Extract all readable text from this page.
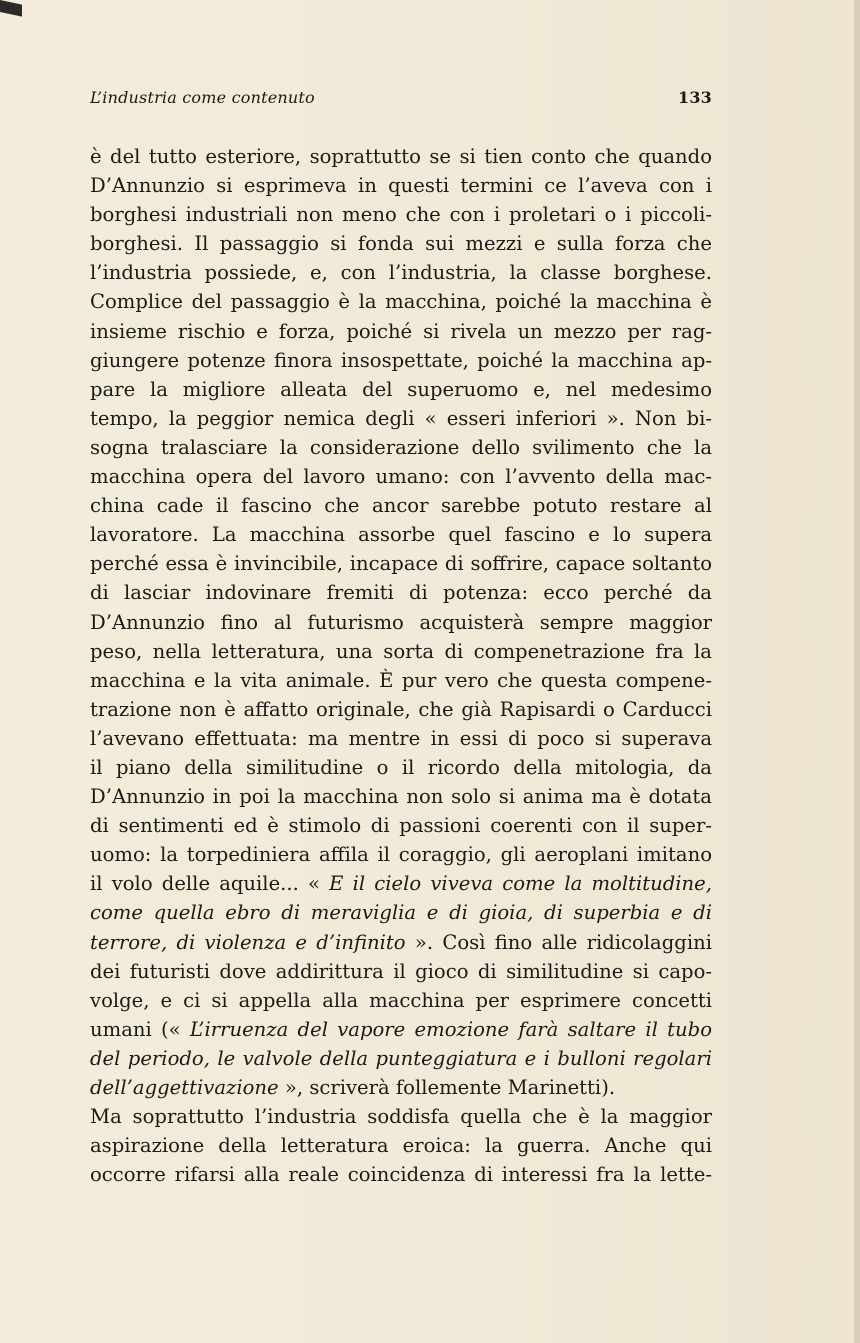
L’industria come contenuto	133
è del tutto esteriore, soprattutto se si tien conto che quando
D’Annunzio si esprimeva in questi termini ce l’aveva con i
borghesi industriali non meno che con i proletari o i piccoli-
borghesi. Il passaggio si fonda sui mezzi e sulla forza che
l’industria possiede, e, con l’industria, la classe borghese.
Complice del passaggio è la macchina, poiché la macchina è
insieme rischio e forza, poiché si rivela un mezzo per rag-
giungere potenze finora insospettate, poiché la macchina ap-
pare la migliore alleata del superuomo e, nel medesimo
tempo, la peggior nemica degli « esseri inferiori ». Non bi-
sogna tralasciare la considerazione dello svilimento che la
macchina opera del lavoro umano: con l’avvento della mac-
china cade il fascino che ancor sarebbe potuto restare al
lavoratore. La macchina assorbe quel fascino e lo supera
perché essa è invincibile, incapace di soffrire, capace soltanto
di lasciar indovinare fremiti di potenza: ecco perché da
D’Annunzio fino al futurismo acquisterà sempre maggior
peso, nella letteratura, una sorta di compenetrazione fra la
macchina e la vita animale. È pur vero che questa compene-
trazione non è affatto originale, che già Rapisardi o Carducci
l’avevano effettuata: ma mentre in essi di poco si superava
il piano della similitudine o il ricordo della mitologia, da
D’Annunzio in poi la macchina non solo si anima ma è dotata
di sentimenti ed è stimolo di passioni coerenti con il super-
uomo: la torpediniera affila il coraggio, gli aeroplani imitano
il volo delle aquile... « E il cielo viveva come la moltitudine,
come quella ebro di meraviglia e di gioia, di superbia e di
terrore, di violenza e d’infinito ». Così fino alle ridicolaggini
dei futuristi dove addirittura il gioco di similitudine si capo-
volge, e ci si appella alla macchina per esprimere concetti
umani (« L’irruenza del vapore emozione farà saltare il tubo
del periodo, le valvole della punteggiatura e i bulloni regolari
dell’aggettivazione », scriverà follemente Marinetti).
Ma soprattutto l’industria soddisfa quella che è la maggior
aspirazione della letteratura eroica: la guerra. Anche qui
occorre rifarsi alla reale coincidenza di interessi fra la lette-
